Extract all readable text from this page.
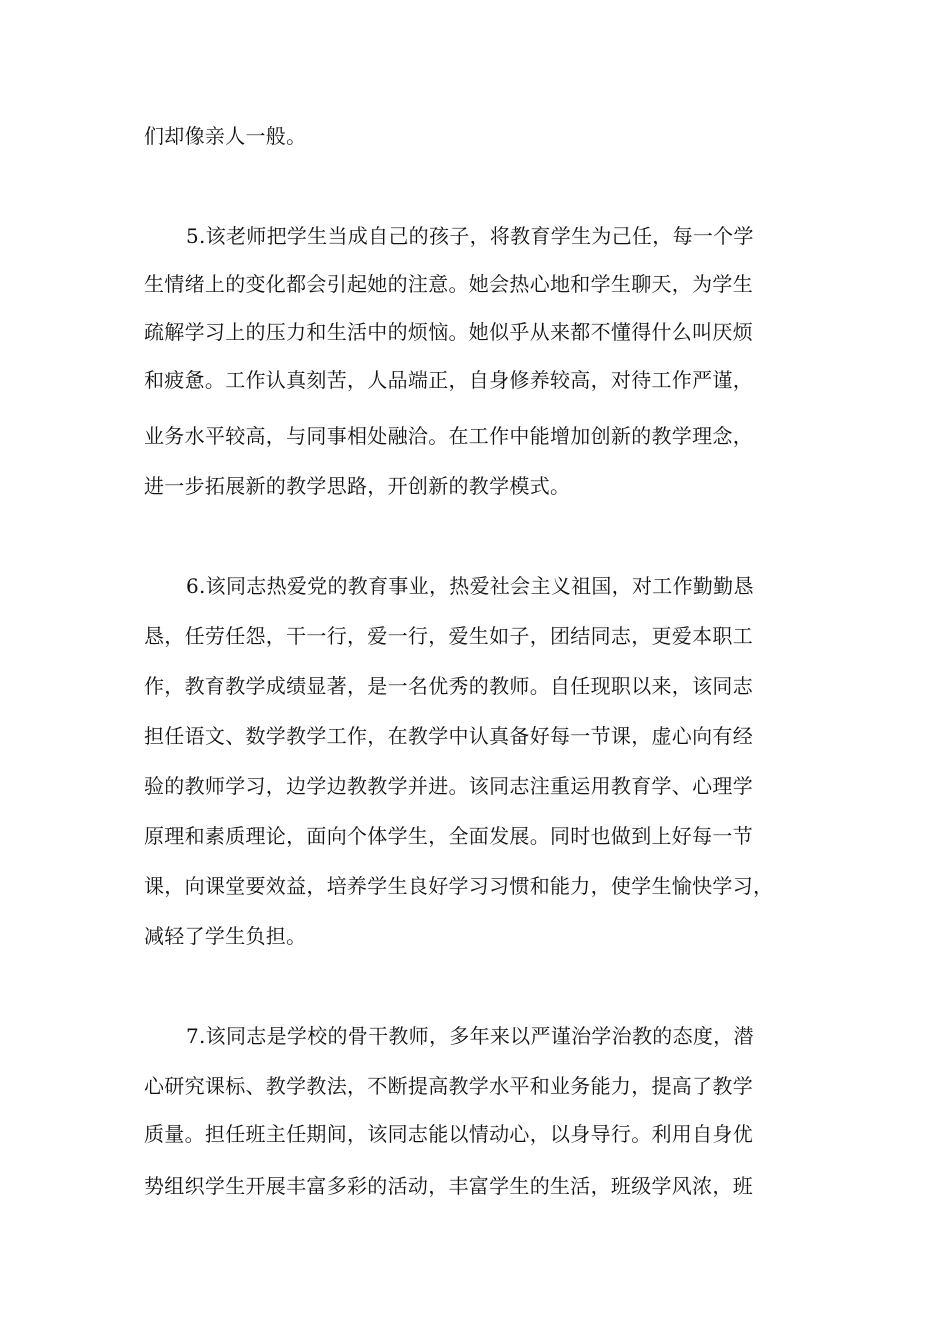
们却像亲人一般。
5.该老师把学生当成自己的孩子，将教育学生为己任，每一个学
生情绪上的变化都会引起她的注意。她会热心地和学生聊天，为学生
疏解学习上的压力和生活中的烦恼。她似乎从来都不懂得什么叫厌烦
和疲惫。工作认真刻苦，人品端正，自身修养较高，对待工作严谨，
业务水平较高，与同事相处融洽。在工作中能增加创新的教学理念，
进一步拓展新的教学思路，开创新的教学模式。
6.该同志热爱党的教育事业，热爱社会主义祖国，对工作勤勤恳
恳，任劳任怨，干一行，爱一行，爱生如子，团结同志，更爱本职工
作，教育教学成绩显著，是一名优秀的教师。自任现职以来，该同志
担任语文、数学教学工作，在教学中认真备好每一节课，虚心向有经
验的教师学习，边学边教教学并进。该同志注重运用教育学、心理学
原理和素质理论，面向个体学生，全面发展。同时也做到上好每一节
课，向课堂要效益，培养学生良好学习习惯和能力，使学生愉快学习，
减轻了学生负担。
7.该同志是学校的骨干教师，多年来以严谨治学治教的态度，潜
心研究课标、教学教法，不断提高教学水平和业务能力，提高了教学
质量。担任班主任期间，该同志能以情动心，以身导行。利用自身优
势组织学生开展丰富多彩的活动，丰富学生的生活，班级学风浓，班
